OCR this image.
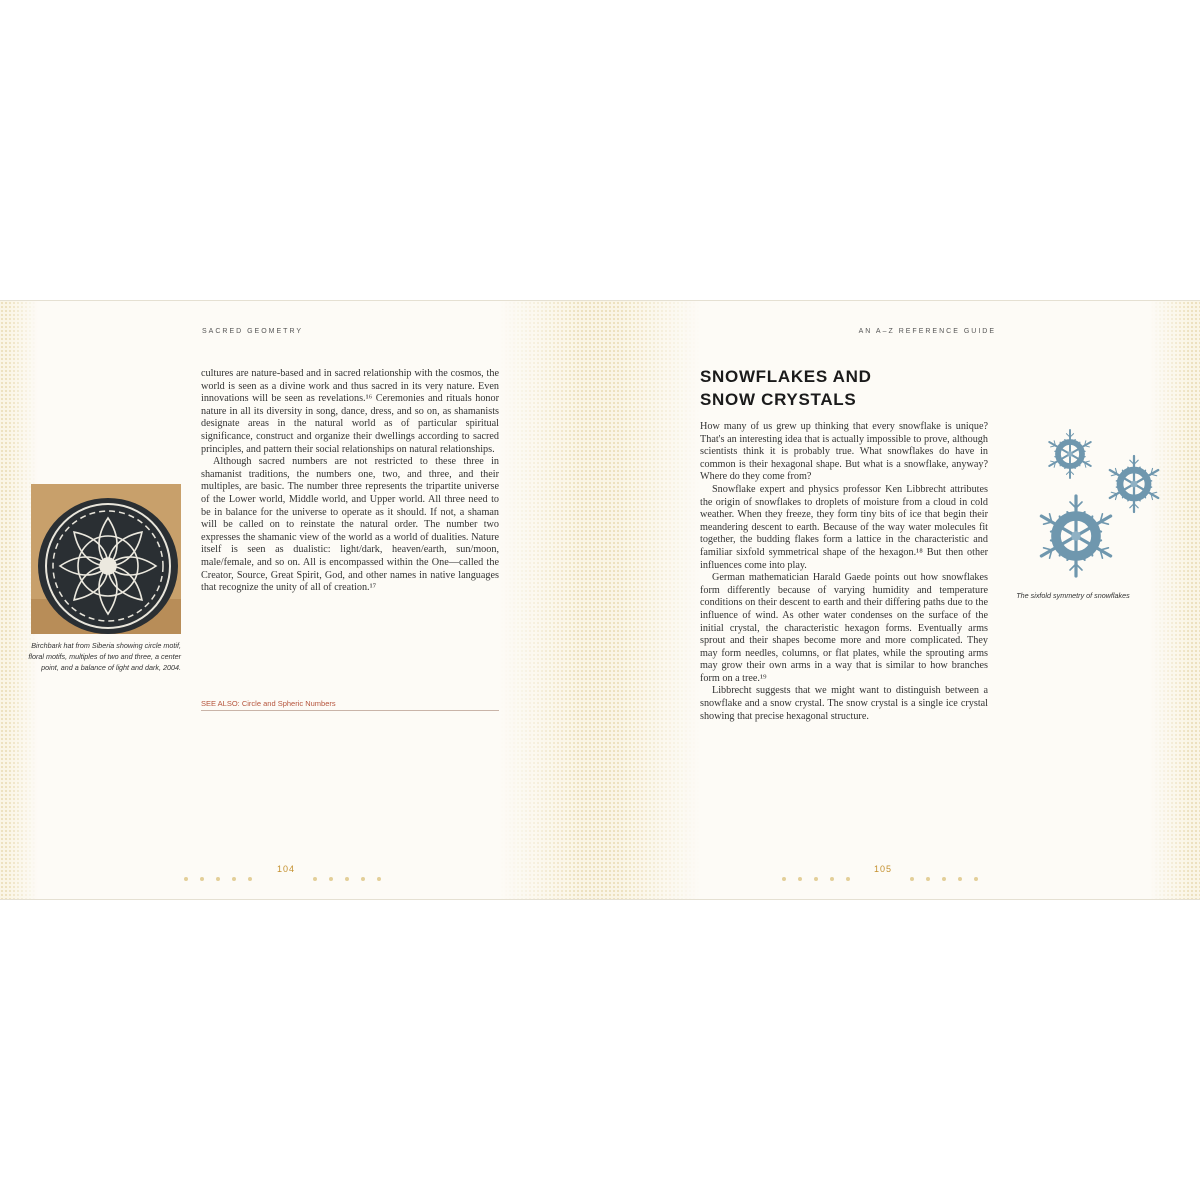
SACRED GEOMETRY
Birchbark hat from Siberia showing circle motif, floral motifs, multiples of two and three, a center point, and a balance of light and dark, 2004.

cultures are nature-based and in sacred relationship with the cosmos, the world is seen as a divine work and thus sacred in its very nature. Even innovations will be seen as revelations.¹⁶ Ceremonies and rituals honor nature in all its diversity in song, dance, dress, and so on, as shamanists designate areas in the natural world as of particular spiritual significance, construct and organize their dwellings according to sacred principles, and pattern their social relationships on natural relationships.

Although sacred numbers are not restricted to these three in shamanist traditions, the numbers one, two, and three, and their multiples, are basic. The number three represents the tripartite universe of the Lower world, Middle world, and Upper world. All three need to be in balance for the universe to operate as it should. If not, a shaman will be called on to reinstate the natural order. The number two expresses the shamanic view of the world as a world of dualities. Nature itself is seen as dualistic: light/dark, heaven/earth, sun/moon, male/female, and so on. All is encompassed within the One—called the Creator, Source, Great Spirit, God, and other names in native languages that recognize the unity of all of creation.¹⁷

SEE ALSO: Circle and Spheric Numbers
104
AN A–Z REFERENCE GUIDE
SNOWFLAKES AND
SNOW CRYSTALS

How many of us grew up thinking that every snowflake is unique? That's an interesting idea that is actually impossible to prove, although scientists think it is probably true. What snowflakes do have in common is their hexagonal shape. But what is a snowflake, anyway? Where do they come from?

Snowflake expert and physics professor Ken Libbrecht attributes the origin of snowflakes to droplets of moisture from a cloud in cold weather. When they freeze, they form tiny bits of ice that begin their meandering descent to earth. Because of the way water molecules fit together, the budding flakes form a lattice in the characteristic and familiar sixfold symmetrical shape of the hexagon.¹⁸ But then other influences come into play.

German mathematician Harald Gaede points out how snowflakes form differently because of varying humidity and temperature conditions on their descent to earth and their differing paths due to the influence of wind. As other water condenses on the surface of the initial crystal, the characteristic hexagon forms. Eventually arms sprout and their shapes become more and more complicated. They may form needles, columns, or flat plates, while the sprouting arms may grow their own arms in a way that is similar to how branches form on a tree.¹⁹

Libbrecht suggests that we might want to distinguish between a snowflake and a snow crystal. The snow crystal is a single ice crystal showing that precise hexagonal structure.

The sixfold symmetry of snowflakes
105
